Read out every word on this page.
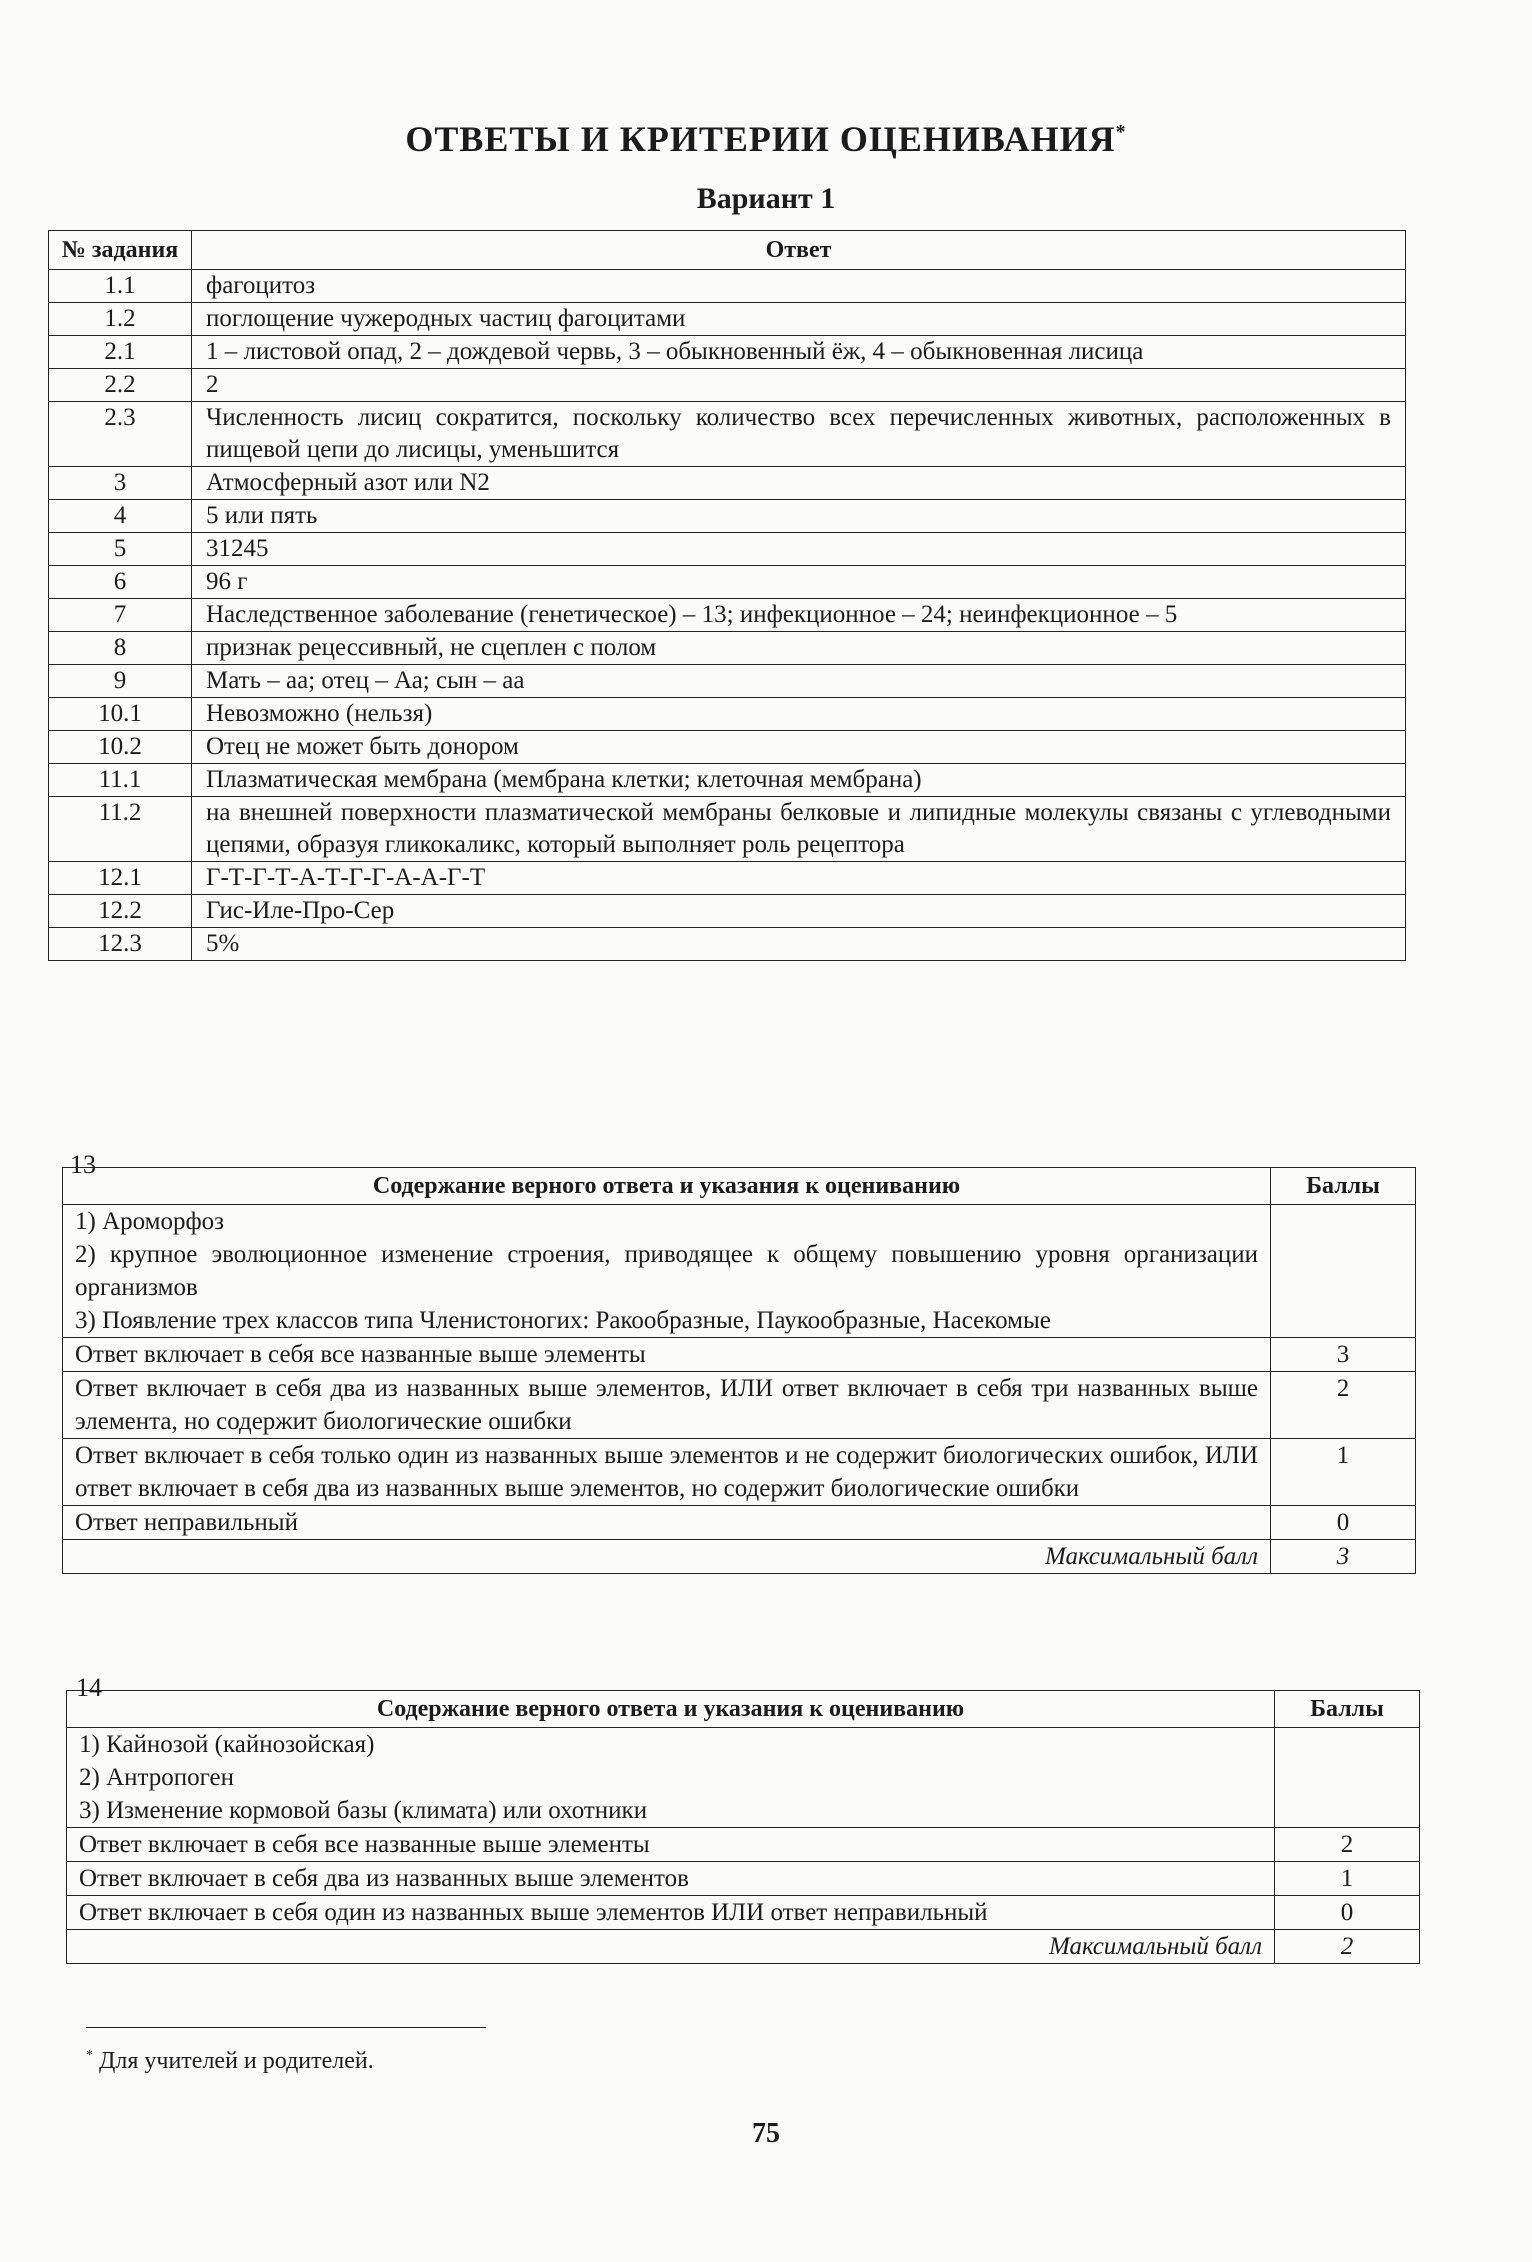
ОТВЕТЫ И КРИТЕРИИ ОЦЕНИВАНИЯ*
Вариант 1
№ задания	Ответ
1.1	фагоцитоз
1.2	поглощение чужеродных частиц фагоцитами
2.1	1 – листовой опад, 2 – дождевой червь, 3 – обыкновенный ёж, 4 – обыкновенная лисица
2.2	2
2.3	Численность лисиц сократится, поскольку количество всех перечисленных животных, расположенных в пищевой цепи до лисицы, уменьшится
3	Атмосферный азот или N2
4	5 или пять
5	31245
6	96 г
7	Наследственное заболевание (генетическое) – 13; инфекционное – 24; неинфекционное – 5
8	признак рецессивный, не сцеплен с полом
9	Мать – аа; отец – Аа; сын – аа
10.1	Невозможно (нельзя)
10.2	Отец не может быть донором
11.1	Плазматическая мембрана (мембрана клетки; клеточная мембрана)
11.2	на внешней поверхности плазматической мембраны белковые и липидные молекулы связаны с углеводными цепями, образуя гликокаликс, который выполняет роль рецептора
12.1	Г-Т-Г-Т-А-Т-Г-Г-А-А-Г-Т
12.2	Гис-Иле-Про-Сер
12.3	5%
13
Содержание верного ответа и указания к оцениванию	Баллы

1) Ароморфоз
2) крупное эволюционное изменение строения, приводящее к общему повышению уровня организации организмов
3) Появление трех классов типа Членистоногих: Ракообразные, Паукообразные, Насекомые	

Ответ включает в себя все названные выше элементы	3
Ответ включает в себя два из названных выше элементов, ИЛИ ответ включает в себя три названных выше элемента, но содержит биологические ошибки	2
Ответ включает в себя только один из названных выше элементов и не содержит биологических ошибок, ИЛИ ответ включает в себя два из названных выше элементов, но содержит биологические ошибки	1
Ответ неправильный	0
Максимальный балл	3
14
Содержание верного ответа и указания к оцениванию	Баллы

1) Кайнозой (кайнозойская)
2) Антропоген
3) Изменение кормовой базы (климата) или охотники	

Ответ включает в себя все названные выше элементы	2
Ответ включает в себя два из названных выше элементов	1
Ответ включает в себя один из названных выше элементов ИЛИ ответ неправильный	0
Максимальный балл	2
* Для учителей и родителей.
75
